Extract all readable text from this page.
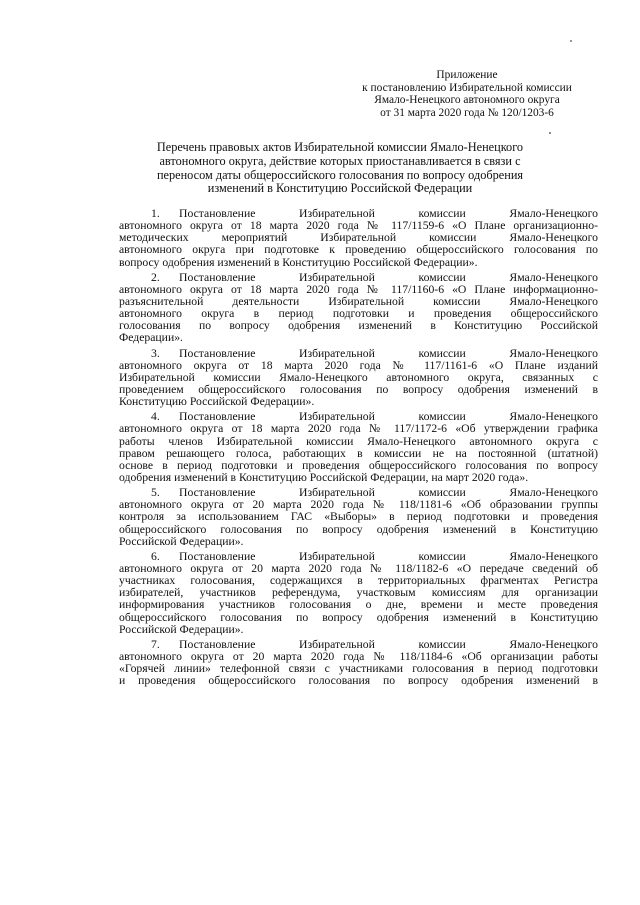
Приложение
к постановлению Избирательной комиссии
Ямало-Ненецкого автономного округа
от 31 марта 2020 года № 120/1203-6
Перечень правовых актов Избирательной комиссии Ямало-Ненецкого
автономного округа, действие которых приостанавливается в связи с
переносом даты общероссийского голосования по вопросу одобрения
изменений в Конституцию Российской Федерации
1. Постановление Избирательной комиссии Ямало-Ненецкого
автономного округа от 18 марта 2020 года № 117/1159-6 «О Плане организационно-
методических мероприятий Избирательной комиссии Ямало-Ненецкого
автономного округа при подготовке к проведению общероссийского голосования по
вопросу одобрения изменений в Конституцию Российской Федерации».
2. Постановление Избирательной комиссии Ямало-Ненецкого
автономного округа от 18 марта 2020 года № 117/1160-6 «О Плане информационно-
разъяснительной деятельности Избирательной комиссии Ямало-Ненецкого
автономного округа в период подготовки и проведения общероссийского
голосования по вопросу одобрения изменений в Конституцию Российской
Федерации».
3. Постановление Избирательной комиссии Ямало-Ненецкого
автономного округа от 18 марта 2020 года № 117/1161-6 «О Плане изданий
Избирательной комиссии Ямало-Ненецкого автономного округа, связанных с
проведением общероссийского голосования по вопросу одобрения изменений в
Конституцию Российской Федерации».
4. Постановление Избирательной комиссии Ямало-Ненецкого
автономного округа от 18 марта 2020 года № 117/1172-6 «Об утверждении графика
работы членов Избирательной комиссии Ямало-Ненецкого автономного округа с
правом решающего голоса, работающих в комиссии не на постоянной (штатной)
основе в период подготовки и проведения общероссийского голосования по вопросу
одобрения изменений в Конституцию Российской Федерации, на март 2020 года».
5. Постановление Избирательной комиссии Ямало-Ненецкого
автономного округа от 20 марта 2020 года № 118/1181-6 «Об образовании группы
контроля за использованием ГАС «Выборы» в период подготовки и проведения
общероссийского голосования по вопросу одобрения изменений в Конституцию
Российской Федерации».
6. Постановление Избирательной комиссии Ямало-Ненецкого
автономного округа от 20 марта 2020 года № 118/1182-6 «О передаче сведений об
участниках голосования, содержащихся в территориальных фрагментах Регистра
избирателей, участников референдума, участковым комиссиям для организации
информирования участников голосования о дне, времени и месте проведения
общероссийского голосования по вопросу одобрения изменений в Конституцию
Российской Федерации».
7. Постановление Избирательной комиссии Ямало-Ненецкого
автономного округа от 20 марта 2020 года № 118/1184-6 «Об организации работы
«Горячей линии» телефонной связи с участниками голосования в период подготовки
и проведения общероссийского голосования по вопросу одобрения изменений в
